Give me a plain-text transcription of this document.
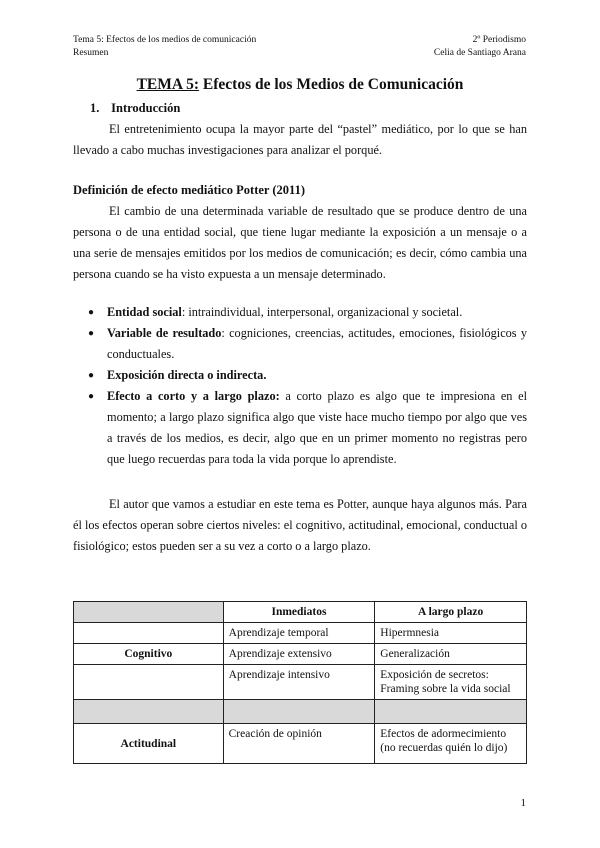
Tema 5: Efectos de los medios de comunicación
Resumen
2º Periodismo
Celia de Santiago Arana
TEMA 5: Efectos de los Medios de Comunicación
1. Introducción
El entretenimiento ocupa la mayor parte del “pastel” mediático, por lo que se han llevado a cabo muchas investigaciones para analizar el porqué.
Definición de efecto mediático Potter (2011)
El cambio de una determinada variable de resultado que se produce dentro de una persona o de una entidad social, que tiene lugar mediante la exposición a un mensaje o a una serie de mensajes emitidos por los medios de comunicación; es decir, cómo cambia una persona cuando se ha visto expuesta a un mensaje determinado.
● Entidad social: intraindividual, interpersonal, organizacional y societal.
● Variable de resultado: cogniciones, creencias, actitudes, emociones, fisiológicos y conductuales.
● Exposición directa o indirecta.
● Efecto a corto y a largo plazo: a corto plazo es algo que te impresiona en el momento; a largo plazo significa algo que viste hace mucho tiempo por algo que ves a través de los medios, es decir, algo que en un primer momento no registras pero que luego recuerdas para toda la vida porque lo aprendiste.
El autor que vamos a estudiar en este tema es Potter, aunque haya algunos más. Para él los efectos operan sobre ciertos niveles: el cognitivo, actitudinal, emocional, conductual o fisiológico; estos pueden ser a su vez a corto o a largo plazo.
	Inmediatos	A largo plazo
	Aprendizaje temporal	Hipermnesia
Cognitivo	Aprendizaje extensivo	Generalización
	Aprendizaje intensivo	Exposición de secretos: Framing sobre la vida social

Actitudinal	Creación de opinión	Efectos de adormecimiento (no recuerdas quién lo dijo)
1
